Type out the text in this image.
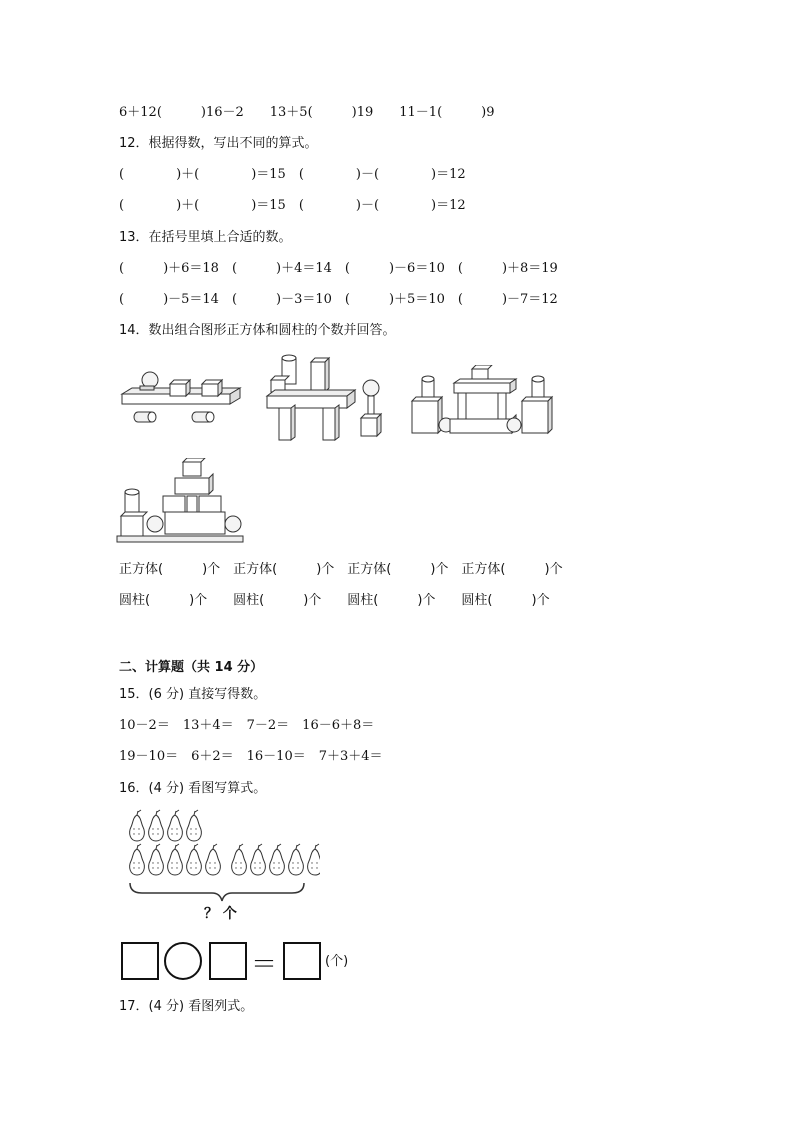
6＋12(　　　)16－2　　13＋5(　　　)19　　11－1(　　　)9
12．根据得数，写出不同的算式。
(　　　　)＋(　　　　)＝15　(　　　　)－(　　　　)＝12
(　　　　)＋(　　　　)＝15　(　　　　)－(　　　　)＝12
13．在括号里填上合适的数。
(　　　)＋6＝18　(　　　)＋4＝14　(　　　)－6＝10　(　　　)＋8＝19
(　　　)－5＝14　(　　　)－3＝10　(　　　)＋5＝10　(　　　)－7＝12
14．数出组合图形正方体和圆柱的个数并回答。
正方体(　　　)个　正方体(　　　)个　正方体(　　　)个　正方体(　　　)个
圆柱(　　　)个　　圆柱(　　　)个　　圆柱(　　　)个　　圆柱(　　　)个
二、计算题（共 14 分）
15．(6 分) 直接写得数。
10－2＝　13＋4＝　7－2＝　16－6＋8＝
19－10＝　6＋2＝　16－10＝　7＋3＋4＝
16．(4 分) 看图写算式。
？ 个
＝	(个)
17．(4 分) 看图列式。
